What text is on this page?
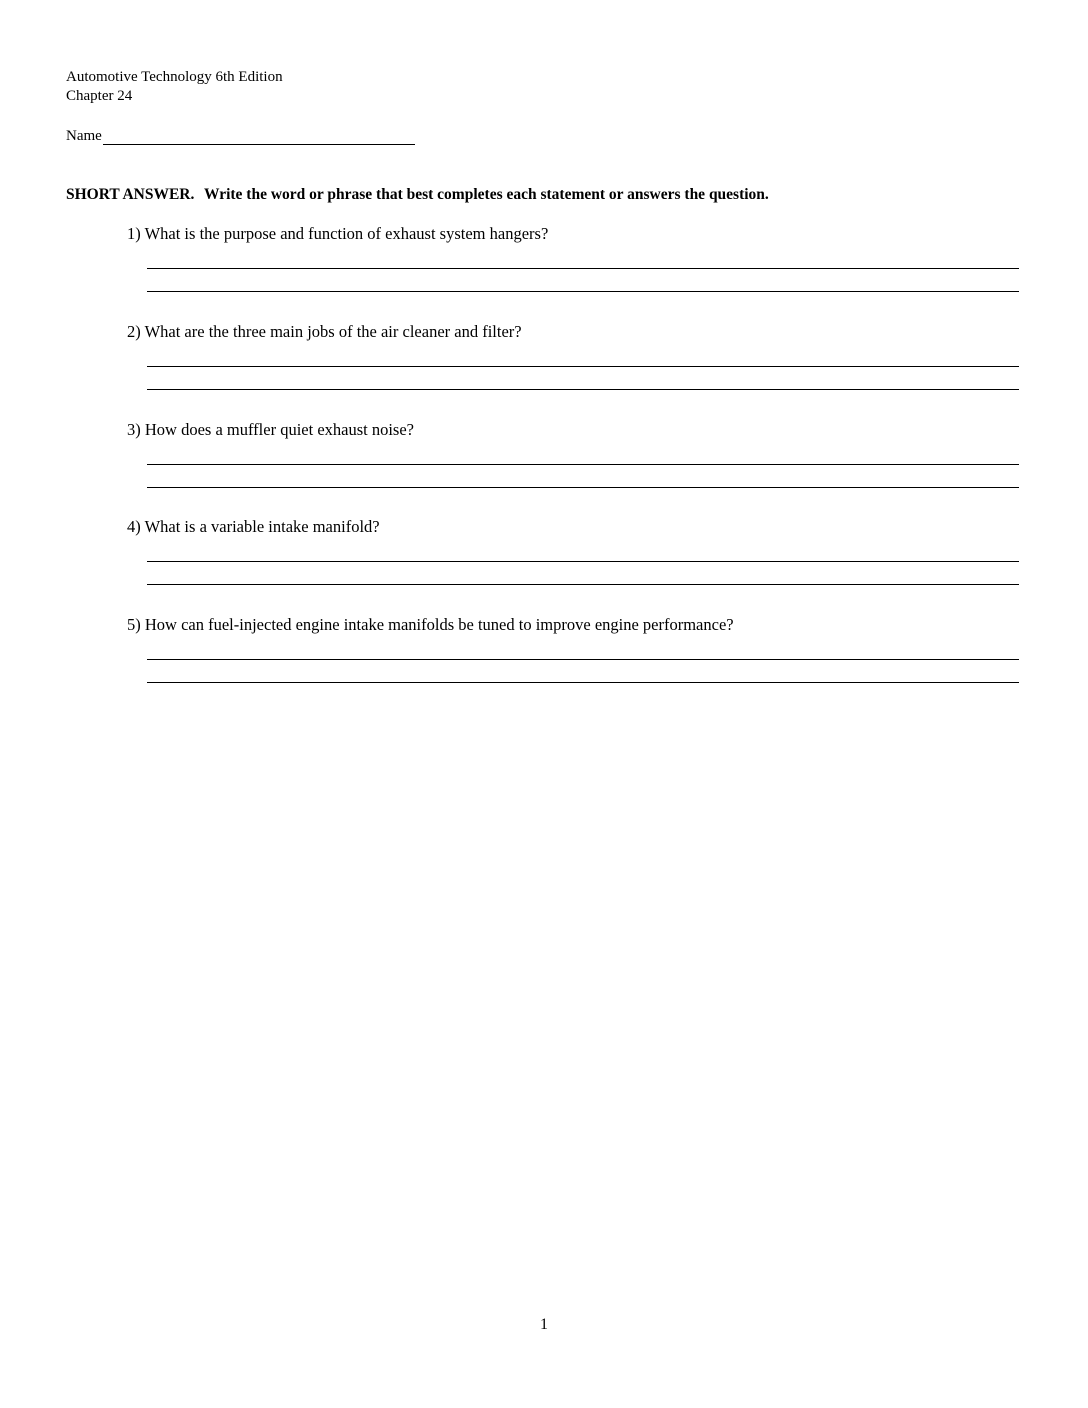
Automotive Technology 6th Edition
Chapter 24
Name
SHORT ANSWER. Write the word or phrase that best completes each statement or answers the question.
1) What is the purpose and function of exhaust system hangers?
2) What are the three main jobs of the air cleaner and filter?
3) How does a muffler quiet exhaust noise?
4) What is a variable intake manifold?
5) How can fuel-injected engine intake manifolds be tuned to improve engine performance?
1
